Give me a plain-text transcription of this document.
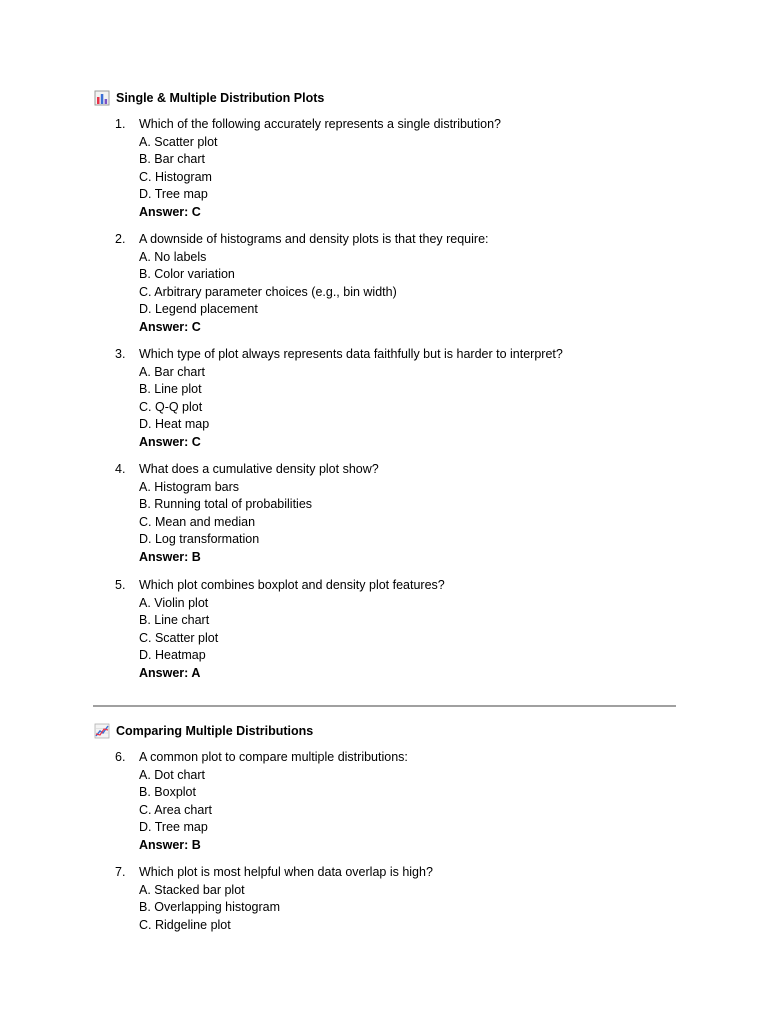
Single & Multiple Distribution Plots
1. Which of the following accurately represents a single distribution?
A. Scatter plot
B. Bar chart
C. Histogram
D. Tree map
Answer: C
2. A downside of histograms and density plots is that they require:
A. No labels
B. Color variation
C. Arbitrary parameter choices (e.g., bin width)
D. Legend placement
Answer: C
3. Which type of plot always represents data faithfully but is harder to interpret?
A. Bar chart
B. Line plot
C. Q-Q plot
D. Heat map
Answer: C
4. What does a cumulative density plot show?
A. Histogram bars
B. Running total of probabilities
C. Mean and median
D. Log transformation
Answer: B
5. Which plot combines boxplot and density plot features?
A. Violin plot
B. Line chart
C. Scatter plot
D. Heatmap
Answer: A
Comparing Multiple Distributions
6. A common plot to compare multiple distributions:
A. Dot chart
B. Boxplot
C. Area chart
D. Tree map
Answer: B
7. Which plot is most helpful when data overlap is high?
A. Stacked bar plot
B. Overlapping histogram
C. Ridgeline plot
